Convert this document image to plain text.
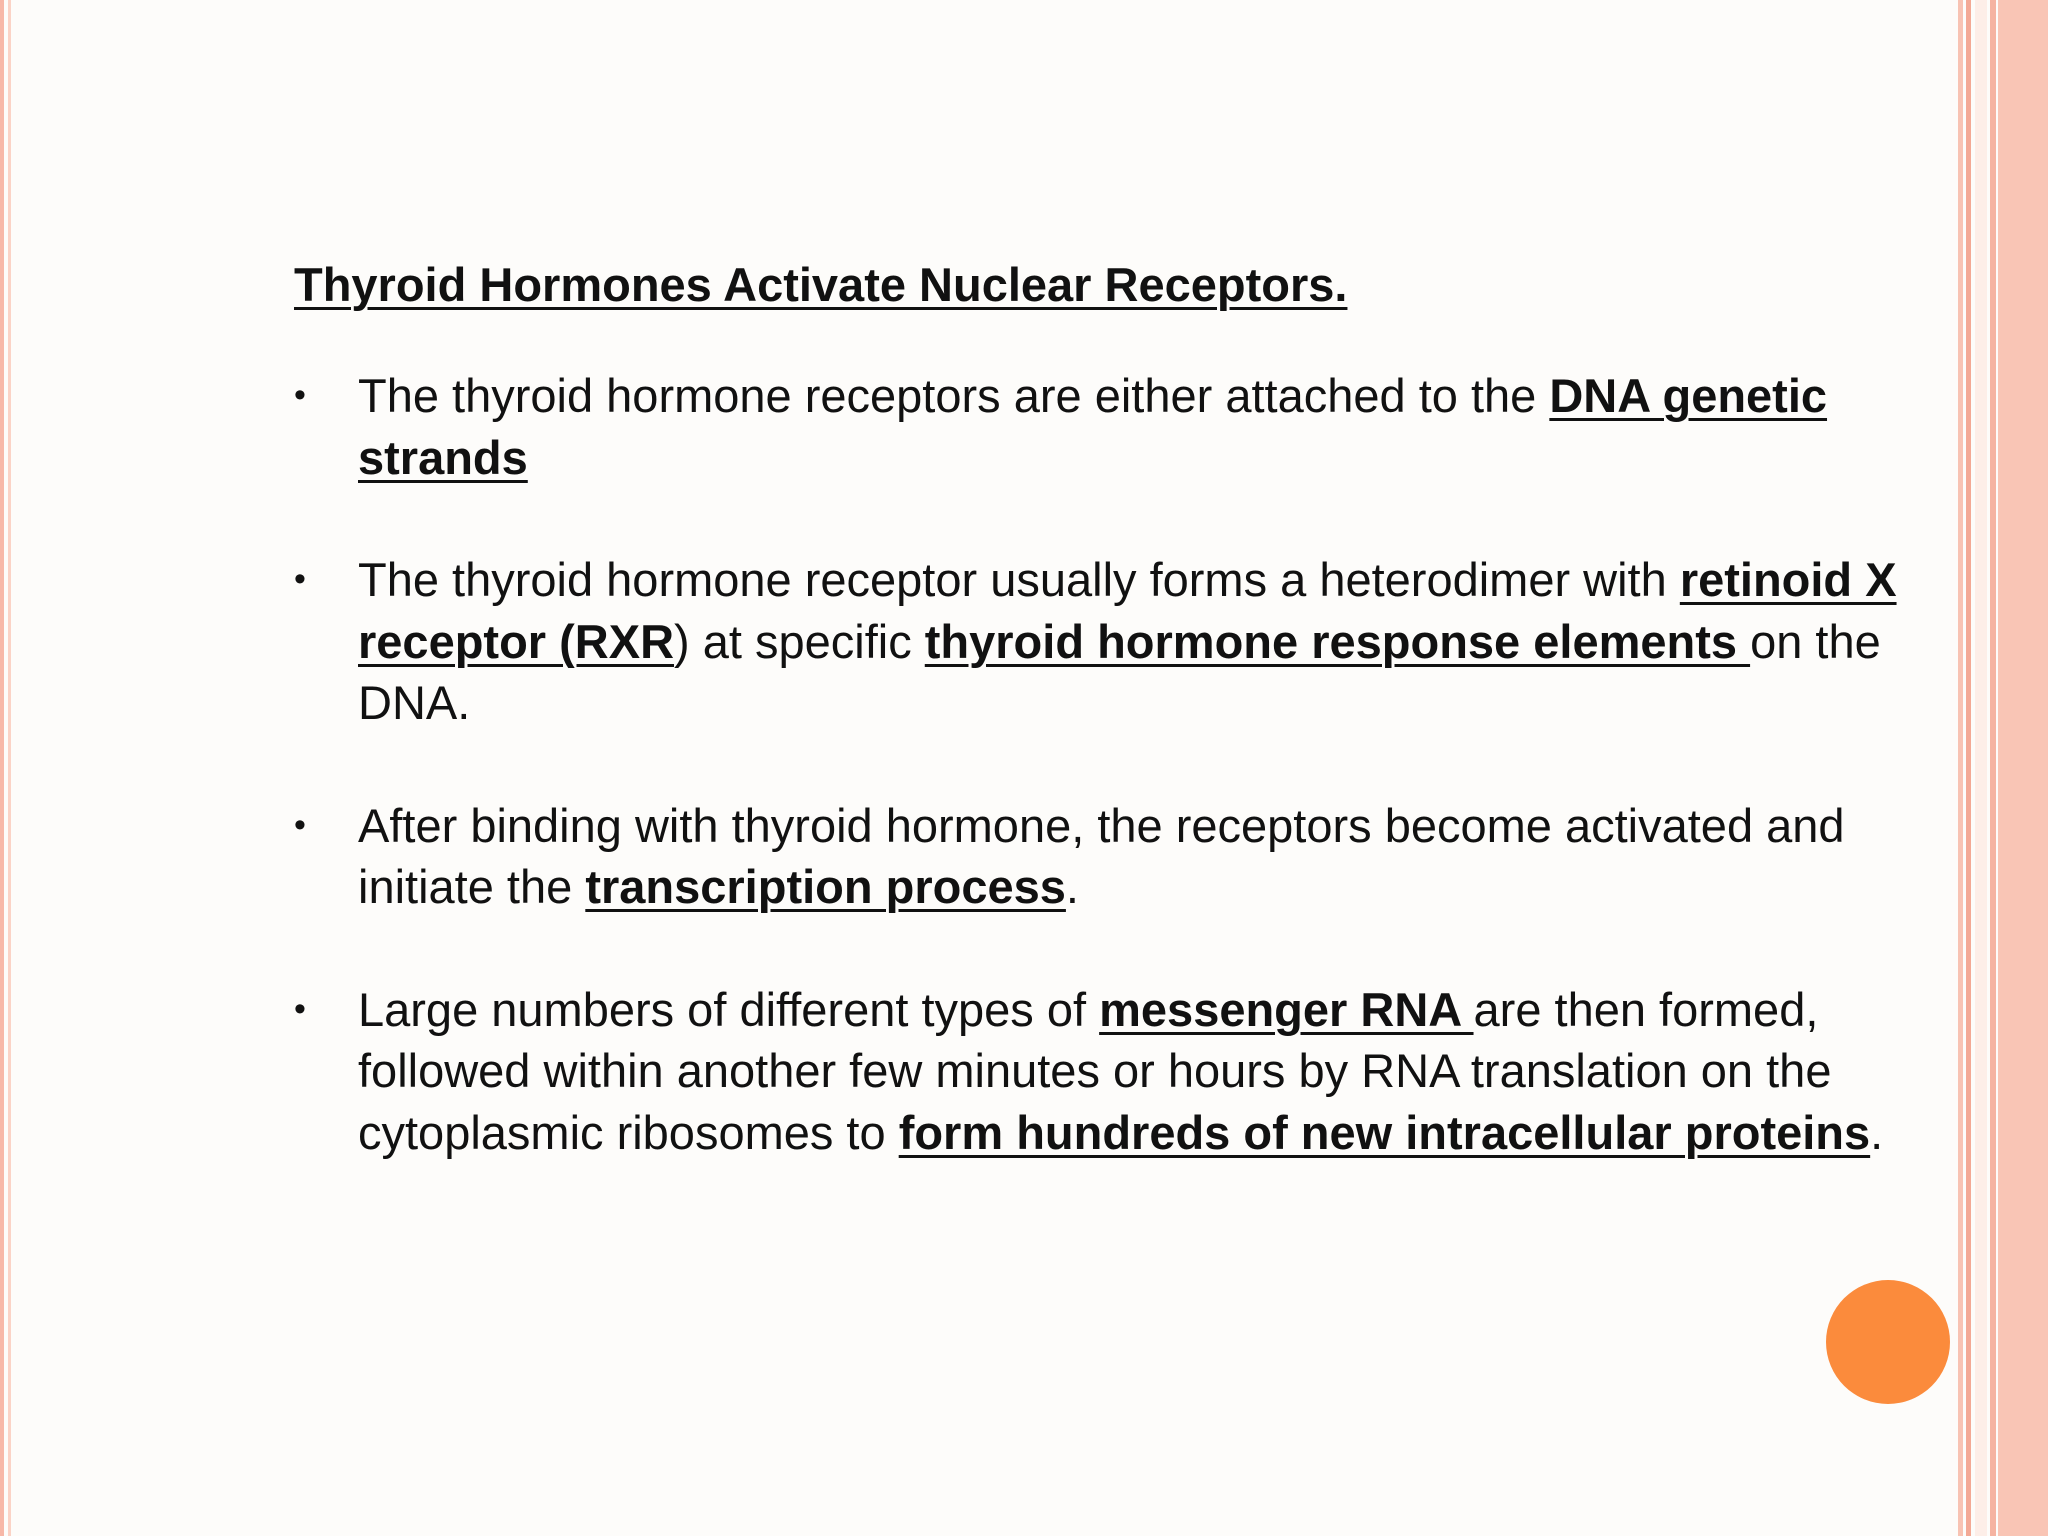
Thyroid Hormones Activate Nuclear Receptors.
• The thyroid hormone receptors are either attached to the DNA genetic strands
• The thyroid hormone receptor usually forms a heterodimer with retinoid X receptor (RXR) at specific thyroid hormone response elements on the DNA.
• After binding with thyroid hormone, the receptors become activated and initiate the transcription process.
• Large numbers of different types of messenger RNA are then formed, followed within another few minutes or hours by RNA translation on the cytoplasmic ribosomes to form hundreds of new intracellular proteins.
